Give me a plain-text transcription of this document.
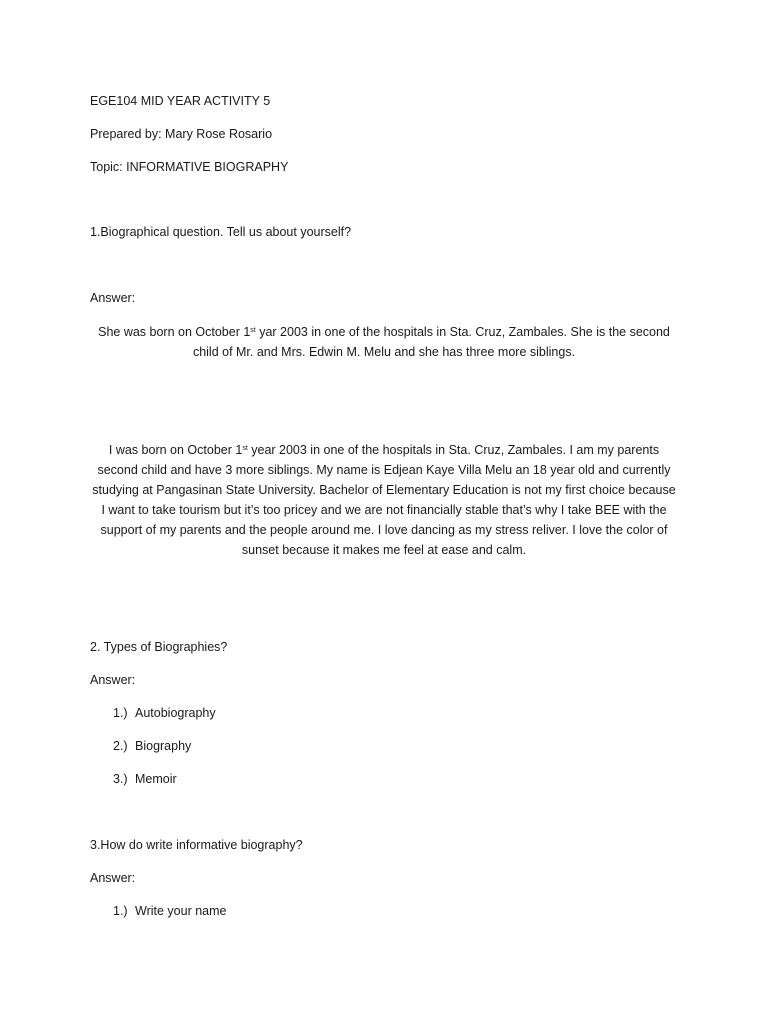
EGE104 MID YEAR ACTIVITY 5
Prepared by: Mary Rose Rosario
Topic: INFORMATIVE BIOGRAPHY
1.Biographical question. Tell us about yourself?
Answer:
She was born on October 1st yar 2003 in one of the hospitals in Sta. Cruz, Zambales. She is the second child of Mr. and Mrs. Edwin M. Melu and she has three more siblings.
I was born on October 1st year 2003 in one of the hospitals in Sta. Cruz, Zambales. I am my parents second child and have 3 more siblings. My name is Edjean Kaye Villa Melu an 18 year old and currently studying at Pangasinan State University. Bachelor of Elementary Education is not my first choice because I want to take tourism but it’s too pricey and we are not financially stable that’s why I take BEE with the support of my parents and the people around me. I love dancing as my stress reliver. I love the color of sunset because it makes me feel at ease and calm.
2. Types of Biographies?
Answer:
1.) Autobiography
2.) Biography
3.) Memoir
3.How do write informative biography?
Answer:
1.) Write your name
